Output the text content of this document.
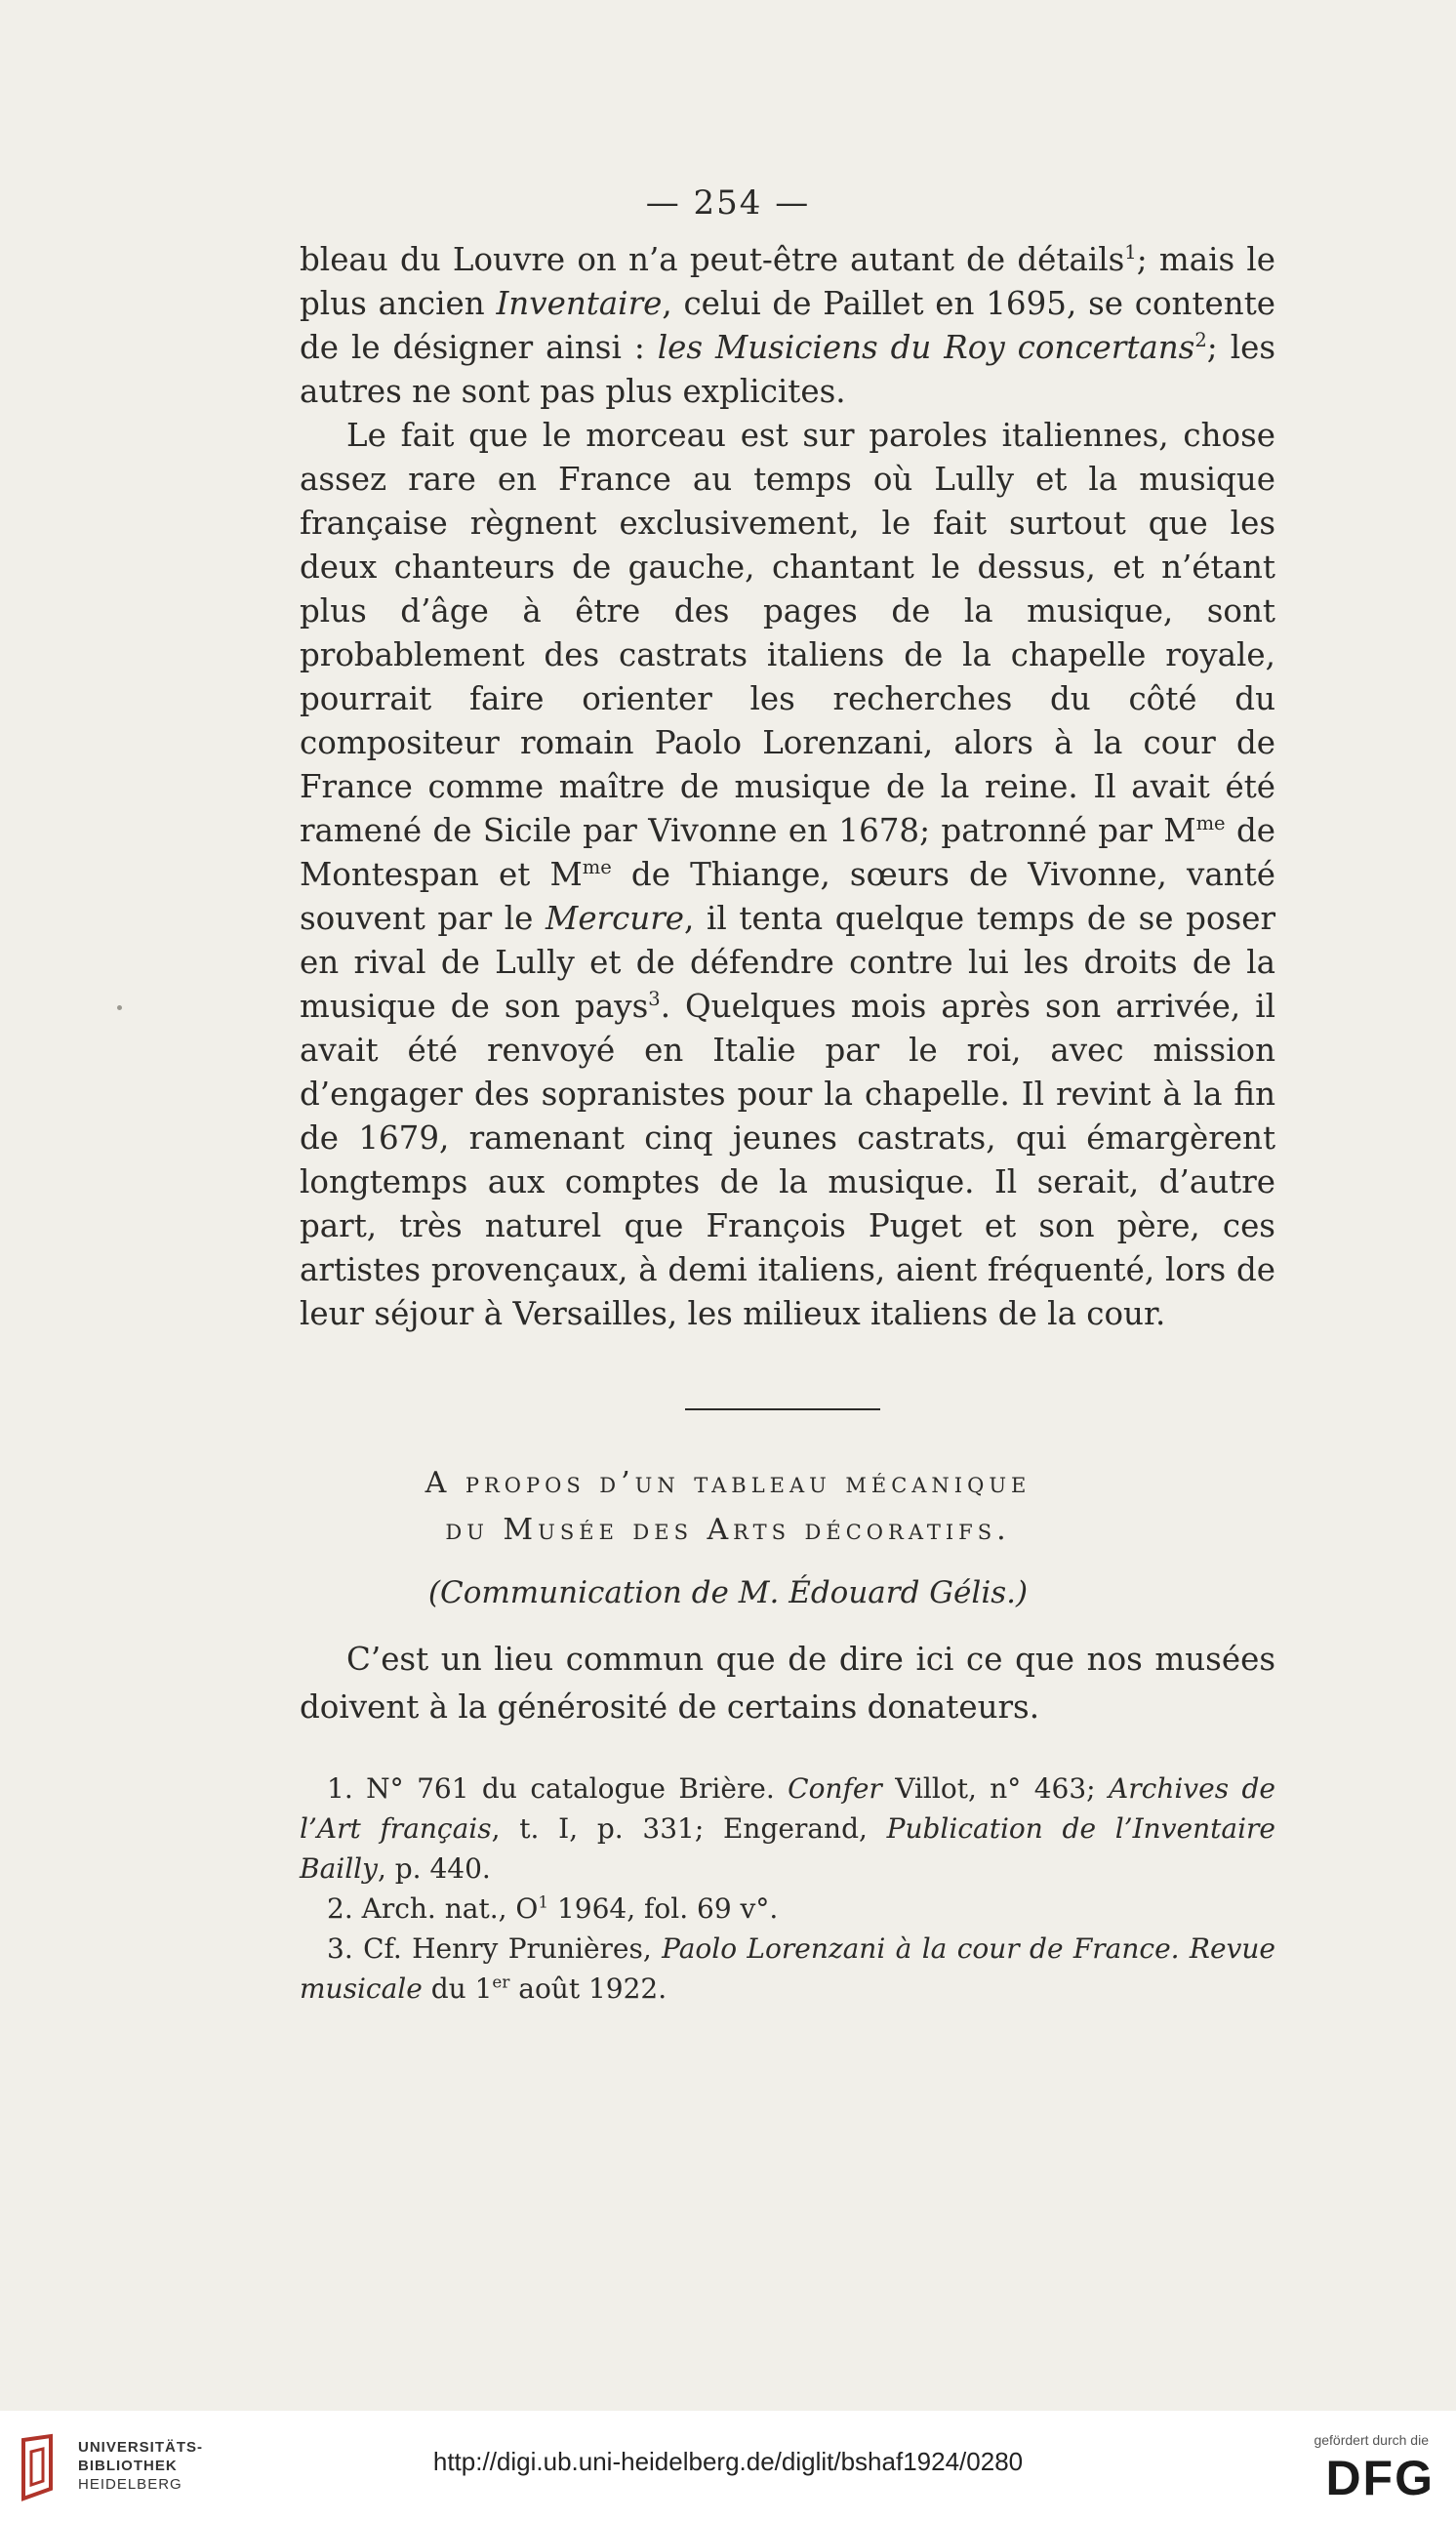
— 254 —

bleau du Louvre on n’a peut-être autant de détails$^1$; mais le plus ancien Inventaire, celui de Paillet en 1695, se contente de le désigner ainsi : les Musiciens du Roy concertans$^2$; les autres ne sont pas plus explicites.

Le fait que le morceau est sur paroles italiennes, chose assez rare en France au temps où Lully et la musique française règnent exclusivement, le fait surtout que les deux chanteurs de gauche, chantant le dessus, et n’étant plus d’âge à être des pages de la musique, sont probablement des castrats italiens de la chapelle royale, pourrait faire orienter les recherches du côté du compositeur romain Paolo Lorenzani, alors à la cour de France comme maître de musique de la reine. Il avait été ramené de Sicile par Vivonne en 1678; patronné par $M^{me}$ de Montespan et $M^{me}$ de Thiange, sœurs de Vivonne, vanté souvent par le Mercure, il tenta quelque temps de se poser en rival de Lully et de défendre contre lui les droits de la musique de son pays$^3$. Quelques mois après son arrivée, il avait été renvoyé en Italie par le roi, avec mission d’engager des sopranistes pour la chapelle. Il revint à la fin de 1679, ramenant cinq jeunes castrats, qui émargèrent longtemps aux comptes de la musique. Il serait, d’autre part, très naturel que François Puget et son père, ces artistes provençaux, à demi italiens, aient fréquenté, lors de leur séjour à Versailles, les milieux italiens de la cour.

A propos d’un tableau mécanique
du Musée des Arts décoratifs.
(Communication de M. Édouard Gélis.)
C’est un lieu commun que de dire ici ce que nos musées doivent à la générosité de certains donateurs.

1. N° 761 du catalogue Brière. Confer Villot, n° 463; Archives de l’Art français, t. I, p. 331; Engerand, Publication de l’Inventaire Bailly, p. 440.

2. Arch. nat., $O^1$ 1964, fol. 69 v°.

3. Cf. Henry Prunières, Paolo Lorenzani à la cour de France. Revue musicale du 1er août 1922.

UNIVERSITÄTS-
BIBLIOTHEK
HEIDELBERG
http://digi.ub.uni-heidelberg.de/diglit/bshaf1924/0280
gefördert durch die
DFG
